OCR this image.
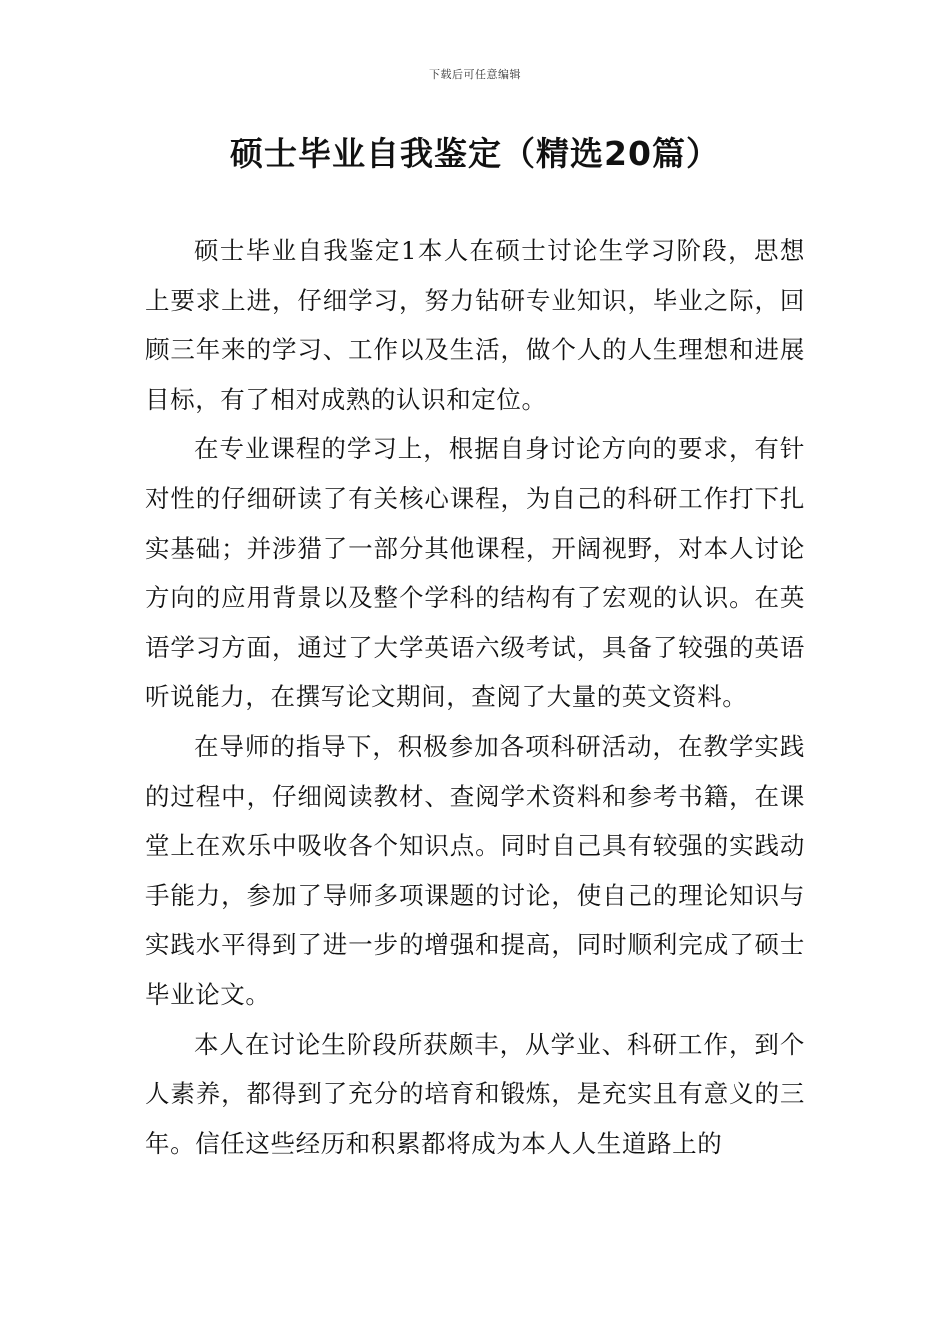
下载后可任意编辑
硕士毕业自我鉴定（精选20篇）

硕士毕业自我鉴定1本人在硕士讨论生学习阶段，思想上要求上进，仔细学习，努力钻研专业知识，毕业之际，回顾三年来的学习、工作以及生活，做个人的人生理想和进展目标，有了相对成熟的认识和定位。

在专业课程的学习上，根据自身讨论方向的要求，有针对性的仔细研读了有关核心课程，为自己的科研工作打下扎实基础；并涉猎了一部分其他课程，开阔视野，对本人讨论方向的应用背景以及整个学科的结构有了宏观的认识。在英语学习方面，通过了大学英语六级考试，具备了较强的英语听说能力，在撰写论文期间，查阅了大量的英文资料。

在导师的指导下，积极参加各项科研活动，在教学实践的过程中，仔细阅读教材、查阅学术资料和参考书籍，在课堂上在欢乐中吸收各个知识点。同时自己具有较强的实践动手能力，参加了导师多项课题的讨论，使自己的理论知识与实践水平得到了进一步的增强和提高，同时顺利完成了硕士毕业论文。

本人在讨论生阶段所获颇丰，从学业、科研工作，到个人素养，都得到了充分的培育和锻炼，是充实且有意义的三年。信任这些经历和积累都将成为本人人生道路上的
